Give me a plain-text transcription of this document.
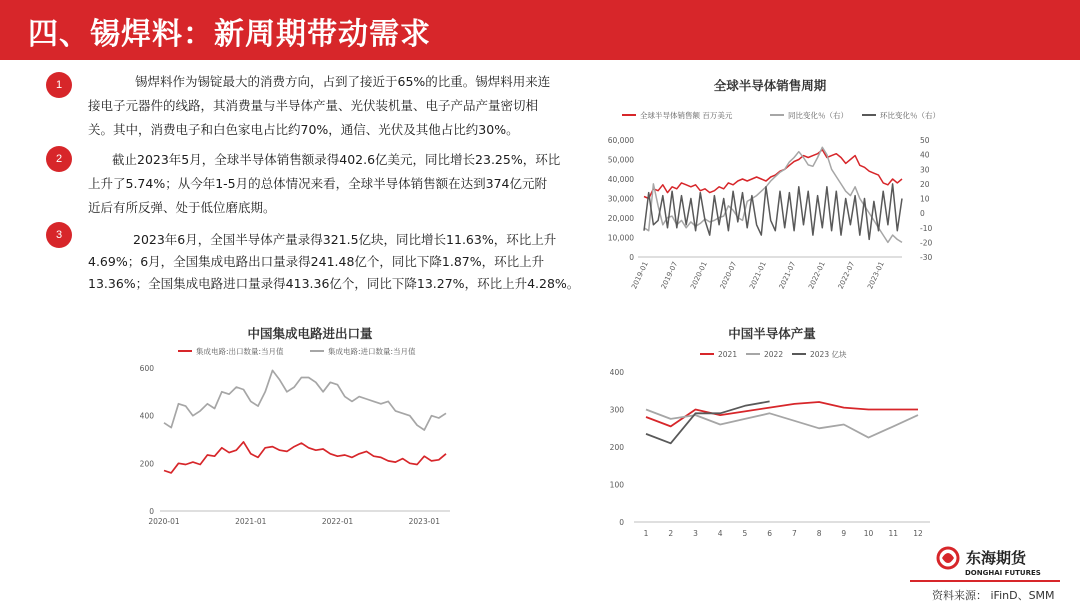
四、锡焊料：新周期带动需求
1	锡焊料作为锡锭最大的消费方向，占到了接近于65%的比重。锡焊料用来连
接电子元器件的线路，其消费量与半导体产量、光伏装机量、电子产品产量密切相
关。其中，消费电子和白色家电占比约70%，通信、光伏及其他占比约30%。
2	截止2023年5月，全球半导体销售额录得402.6亿美元，同比增长23.25%，环比
上升了5.74%；从今年1-5月的总体情况来看，全球半导体销售额在达到374亿元附
近后有所反弹、处于低位磨底期。
3	2023年6月，全国半导体产量录得321.5亿块，同比增长11.63%，环比上升
4.69%；6月，全国集成电路出口量录得241.48亿个，同比下降1.87%，环比上升
13.36%；全国集成电路进口量录得413.36亿个，同比下降13.27%，环比上升4.28%。
全球半导体销售周期
全球半导体销售额 百万美元	同比变化％（右）	环比变化％（右）
0
10,000
20,000
30,000
40,000
50,000
60,000
-30
-20
-10
0
10
20
30
40
50
2019-01 2019-07 2020-01 2020-07 2021-01 2021-07 2022-01 2022-07 2023-01
中国集成电路进出口量
集成电路:出口数量:当月值	集成电路:进口数量:当月值
0
200
400
600
2020-01	2021-01	2022-01	2023-01
中国半导体产量
2021	2022	2023 亿块
0
100
200
300
400
1	2	3	4	5	6	7	8	9 10 11 12
东海期货
DONGHAI FUTURES
资料来源： iFinD、SMM
